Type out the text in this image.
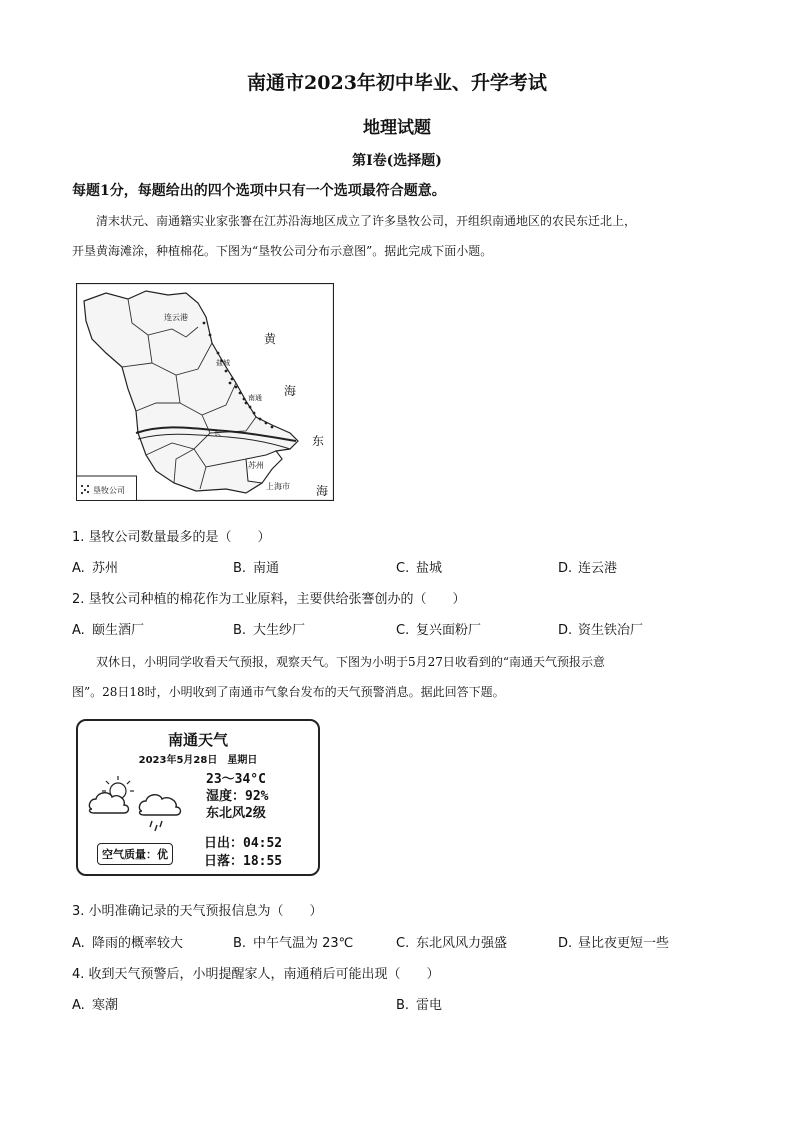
南通市2023年初中毕业、升学考试
地理试题
第Ⅰ卷(选择题)
每题1分，每题给出的四个选项中只有一个选项最符合题意。
清末状元、南通籍实业家张謇在江苏沿海地区成立了许多垦牧公司，开组织南通地区的农民东迁北上，
开垦黄海滩涂，种植棉花。下图为“垦牧公司分布示意图”。据此完成下面小题。
连云港
盐城
南通
苏州
上海市
长
黄
海
东
海
垦牧公司
1. 垦牧公司数量最多的是（　　）
A. 苏州	B. 南通	C. 盐城	D. 连云港
2. 垦牧公司种植的棉花作为工业原料，主要供给张謇创办的（　　）
A. 颐生酒厂	B. 大生纱厂	C. 复兴面粉厂	D. 资生铁冶厂
双休日，小明同学收看天气预报，观察天气。下图为小明于5月27日收看到的“南通天气预报示意
图”。28日18时，小明收到了南通市气象台发布的天气预警消息。据此回答下题。
南通天气
2023年5月28日　星期日
23～34°C
湿度：92%
东北风2级
空气质量：优
日出：04:52
日落：18:55
3. 小明准确记录的天气预报信息为（　　）
A. 降雨的概率较大	B. 中午气温为 23℃	C. 东北风风力强盛	D. 昼比夜更短一些
4. 收到天气预警后，小明提醒家人，南通稍后可能出现（　　）
A. 寒潮	B. 雷电
